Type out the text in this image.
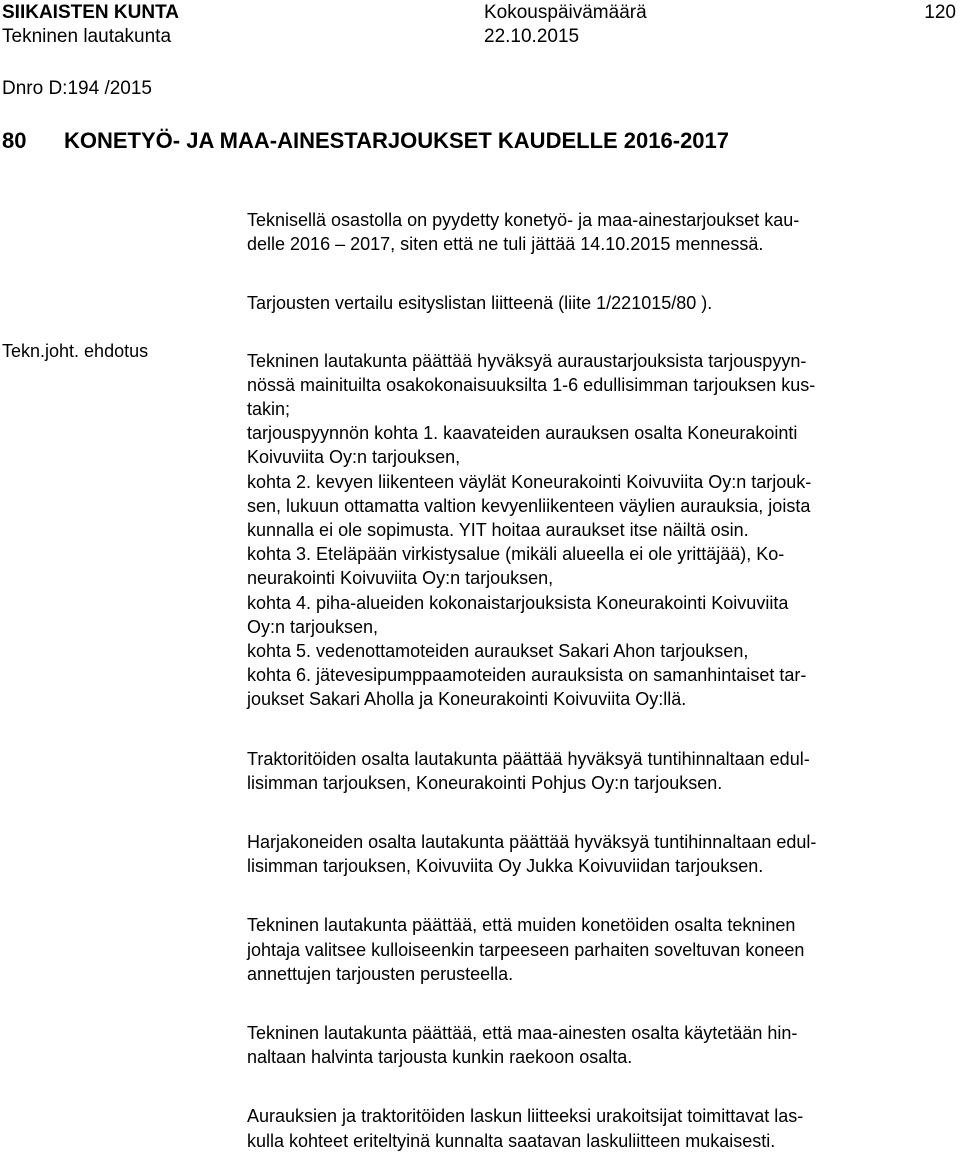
SIIKAISTEN KUNTA
Tekninen lautakunta
Kokouspäivämäärä
22.10.2015
120
Dnro D:194 /2015
80 KONETYÖ- JA MAA-AINESTARJOUKSET KAUDELLE 2016-2017
Tekn.joht. ehdotus

Teknisellä osastolla on pyydetty konetyö- ja maa-ainestarjoukset kau-
delle 2016 – 2017, siten että ne tuli jättää 14.10.2015 mennessä.

Tarjousten vertailu esityslistan liitteenä (liite 1/221015/80 ).

Tekninen lautakunta päättää hyväksyä auraustarjouksista tarjouspyyn-
nössä mainituilta osakokonaisuuksilta 1-6 edullisimman tarjouksen kus-
takin;
tarjouspyynnön kohta 1. kaavateiden aurauksen osalta Koneurakointi
Koivuviita Oy:n tarjouksen,
kohta 2. kevyen liikenteen väylät Koneurakointi Koivuviita Oy:n tarjouk-
sen, lukuun ottamatta valtion kevyenliikenteen väylien aurauksia, joista
kunnalla ei ole sopimusta. YIT hoitaa auraukset itse näiltä osin.
kohta 3. Eteläpään virkistysalue (mikäli alueella ei ole yrittäjää), Ko-
neurakointi Koivuviita Oy:n tarjouksen,
kohta 4. piha-alueiden kokonaistarjouksista Koneurakointi Koivuviita
Oy:n tarjouksen,
kohta 5. vedenottamoteiden auraukset Sakari Ahon tarjouksen,
kohta 6. jätevesipumppaamoteiden aurauksista on samanhintaiset tar-
joukset Sakari Aholla ja Koneurakointi Koivuviita Oy:llä.

Traktoritöiden osalta lautakunta päättää hyväksyä tuntihinnaltaan edul-
lisimman tarjouksen, Koneurakointi Pohjus Oy:n tarjouksen.

Harjakoneiden osalta lautakunta päättää hyväksyä tuntihinnaltaan edul-
lisimman tarjouksen, Koivuviita Oy Jukka Koivuviidan tarjouksen.

Tekninen lautakunta päättää, että muiden konetöiden osalta tekninen
johtaja valitsee kulloiseenkin tarpeeseen parhaiten soveltuvan koneen
annettujen tarjousten perusteella.

Tekninen lautakunta päättää, että maa-ainesten osalta käytetään hin-
naltaan halvinta tarjousta kunkin raekoon osalta.

Aurauksien ja traktoritöiden laskun liitteeksi urakoitsijat toimittavat las-
kulla kohteet eriteltyinä kunnalta saatavan laskuliitteen mukaisesti.
